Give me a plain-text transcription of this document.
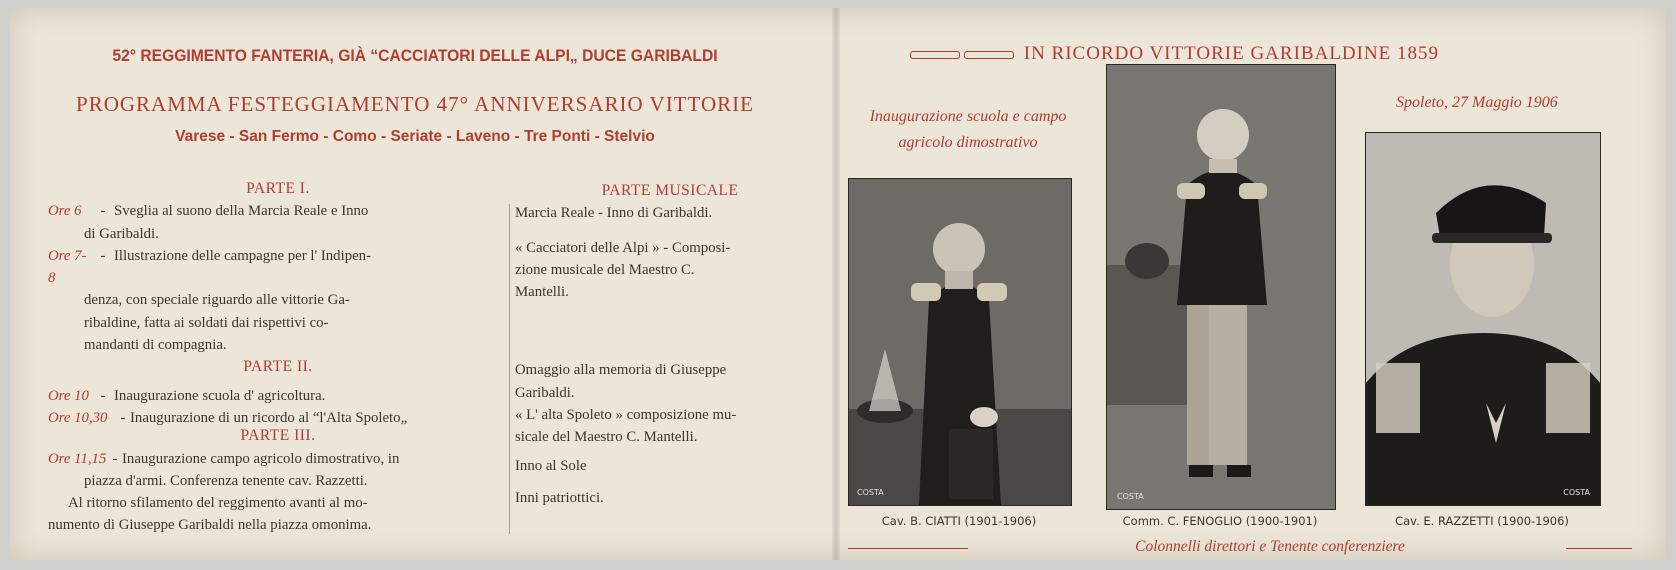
52° REGGIMENTO FANTERIA, GIÀ “CACCIATORI DELLE ALPI„ DUCE GARIBALDI
PROGRAMMA FESTEGGIAMENTO 47° ANNIVERSARIO VITTORIE
Varese - San Fermo - Como - Seriate - Laveno - Tre Ponti - Stelvio
PARTE I.
Ore 6	- Sveglia al suono della Marcia Reale e Inno
di Garibaldi.
Ore 7-8
- Illustrazione delle campagne per l' Indipen-
denza, con speciale riguardo alle vittorie Ga-
ribaldine, fatta ai soldati dai rispettivi co-
mandanti di compagnia.
PARTE II.
Ore 10 - Inaugurazione scuola d' agricoltura.
Ore 10,30 - Inaugurazione di un ricordo al “l'Alta Spoleto„
PARTE III.
Ore 11,15 - Inaugurazione campo agricolo dimostrativo, in
piazza d'armi. Conferenza tenente cav. Razzetti.
Al ritorno sfilamento del reggimento avanti al mo-
numento di Giuseppe Garibaldi nella piazza omonima.
PARTE MUSICALE
Marcia Reale - Inno di Garibaldi.
« Cacciatori delle Alpi » - Composi-
zione musicale del Maestro C.
Mantelli.
Omaggio alla memoria di Giuseppe
Garibaldi.
« L' alta Spoleto » composizione mu-
sicale del Maestro C. Mantelli.
Inno al Sole
Inni patriottici.
IN RICORDO VITTORIE GARIBALDINE 1859
Inaugurazione scuola e campo
agricolo dimostrativo
Spoleto, 27 Maggio 1906
COSTA
Cav. B. CIATTI (1901-1906)
COSTA
Comm. C. FENOGLIO (1900-1901)
COSTA
Cav. E. RAZZETTI (1900-1906)
Colonnelli direttori e Tenente conferenziere
